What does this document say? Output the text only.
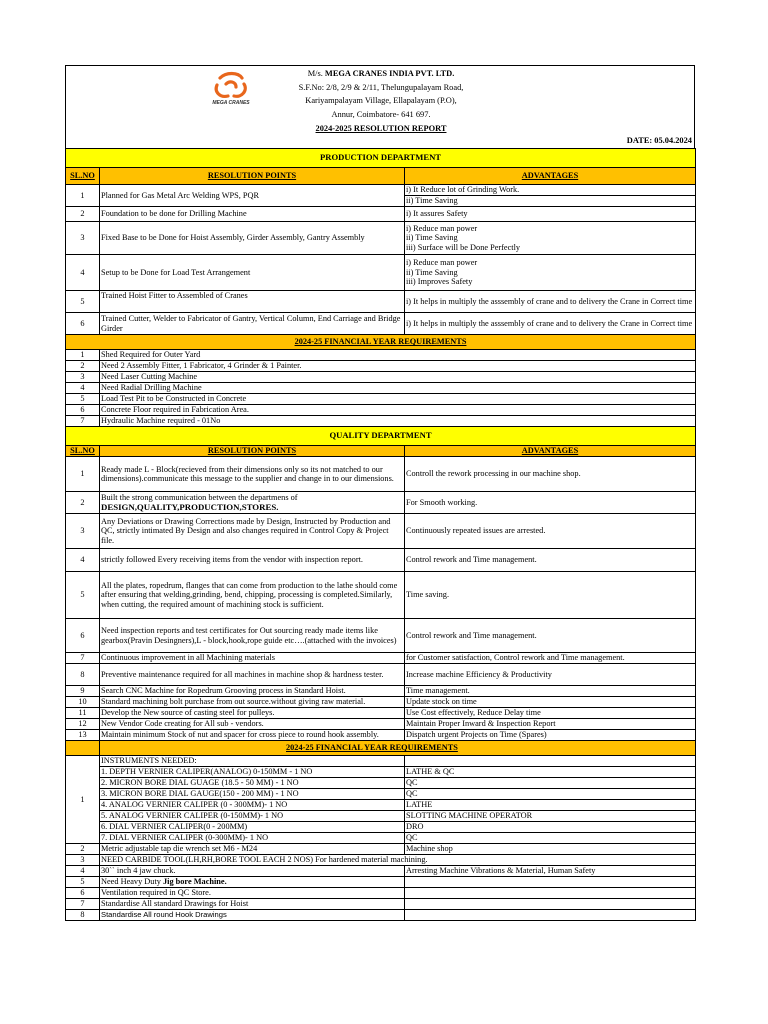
MEGA CRANES
M/s. MEGA CRANES INDIA PVT. LTD.
S.F.No: 2/8, 2/9 & 2/11, Thelungupalayam Road,
Kariyampalayam Village, Ellapalayam (P.O),
Annur, Coimbatore- 641 697.
2024-2025 RESOLUTION REPORT
DATE: 05.04.2024
PRODUCTION DEPARTMENT		
SL.NO	RESOLUTION POINTS	ADVANTAGES
1	Planned for Gas Metal Arc Welding WPS, PQR	i) It Reduce lot of Grinding Work.
		ii) Time Saving
2	Foundation to be done for Drilling Machine	i) It assures Safety
3	Fixed Base to be Done for Hoist Assembly, Girder Assembly, Gantry Assembly	i) Reduce man power
ii) Time Saving
iii) Surface will be Done Perfectly
4	Setup to be Done for Load Test Arrangement	i) Reduce man power
ii) Time Saving
iii) Improves Safety
5	Trained Hoist Fitter to Assembled of Cranes	i) It helps in multiply the asssembly of crane and to delivery the Crane in Correct time
6	Trained Cutter, Welder to Fabricator of Gantry, Vertical Column, End Carriage and Bridge Girder	i) It helps in multiply the asssembly of crane and to delivery the Crane in Correct time
2024-25 FINANCIAL YEAR REQUIREMENTS		
1	Shed Required for Outer Yard	
2	Need 2 Assembly Fitter, 1 Fabricator, 4 Grinder & 1 Painter.	
3	Need Laser Cutting Machine	
4	Need Radial Drilling Machine	
5	Load Test Pit to be Constructed in Concrete	
6	Concrete Floor required in Fabrication Area.	
7	Hydraulic Machine required - 01No	
QUALITY DEPARTMENT		
SL.NO	RESOLUTION POINTS	ADVANTAGES
1	Ready made L - Block(recieved from their dimensions only so its not matched to our dimensions).communicate this message to the supplier and change in to our dimensions.	Controll the rework processing in our machine shop.
2	Built the strong communication between the departmens of
DESIGN,QUALITY,PRODUCTION,STORES.	For Smooth working.
3	Any Deviations or Drawing Corrections made by Design, Instructed by Production and QC, strictly intimated By Design and also changes required in Control Copy & Project file.	Continuously repeated issues are arrested.
4	strictly followed Every receiving items from the vendor with inspection report.	Control rework and Time management.
5	All the plates, ropedrum, flanges that can come from production to the lathe should come after ensuring that welding,grinding, bend, chipping, processing is completed.Similarly, when cutting, the required amount of machining stock is sufficient.	Time saving.
6	Need inspection reports and test certificates for Out sourcing ready made items like gearbox(Pravin Desingners),L - block,hook,rope guide etc….(attached with the invoices)	Control rework and Time management.
7	Continuous improvement in all Machining materials	for Customer satisfaction, Control rework and Time management.
8	Preventive maintenance required for all machines in machine shop & hardness tester.	Increase machine Efficiency & Productivity
9	Search CNC Machine for Ropedrum Grooving process in Standard Hoist.	Time management.
10	Standard machining bolt purchase from out source.without giving raw material.	Update stock on time
11	Develop the New source of casting steel for pulleys.	Use Cost effectively, Reduce Delay time
12	New Vendor Code creating for All sub - vendors.	Maintain Proper Inward & Inspection Report
13	Maintain minimum Stock of nut and spacer for cross piece to round hook assembly.	Dispatch urgent Projects on Time (Spares)
	2024-25 FINANCIAL YEAR REQUIREMENTS	
1	INSTRUMENTS NEEDED:	
	1. DEPTH VERNIER CALIPER(ANALOG) 0-150MM - 1 NO	LATHE & QC
	2. MICRON BORE DIAL GUAGE (18.5 - 50 MM) - 1 NO	QC
	3. MICRON BORE DIAL GAUGE(150 - 200 MM) - 1 NO	QC
	4. ANALOG VERNIER CALIPER (0 - 300MM)- 1 NO	LATHE
	5. ANALOG VERNIER CALIPER (0-150MM)- 1 NO	SLOTTING MACHINE OPERATOR
	6. DIAL VERNIER CALIPER(0 - 200MM)	DRO
	7. DIAL VERNIER CALIPER (0-300MM)- 1 NO	QC
2	Metric adjustable tap die wrench set M6 - M24	Machine shop
3	NEED CARBIDE TOOL(LH,RH,BORE TOOL EACH 2 NOS) For hardened material machining.	
4	30`` inch 4 jaw chuck.	Arresting Machine Vibrations & Material, Human Safety
5	Need Heavy Duty Jig bore Machine.	
6	Ventilation required in QC Store.	
7	Standardise All standard Drawings for Hoist	
8	Standardise All round Hook Drawings	
